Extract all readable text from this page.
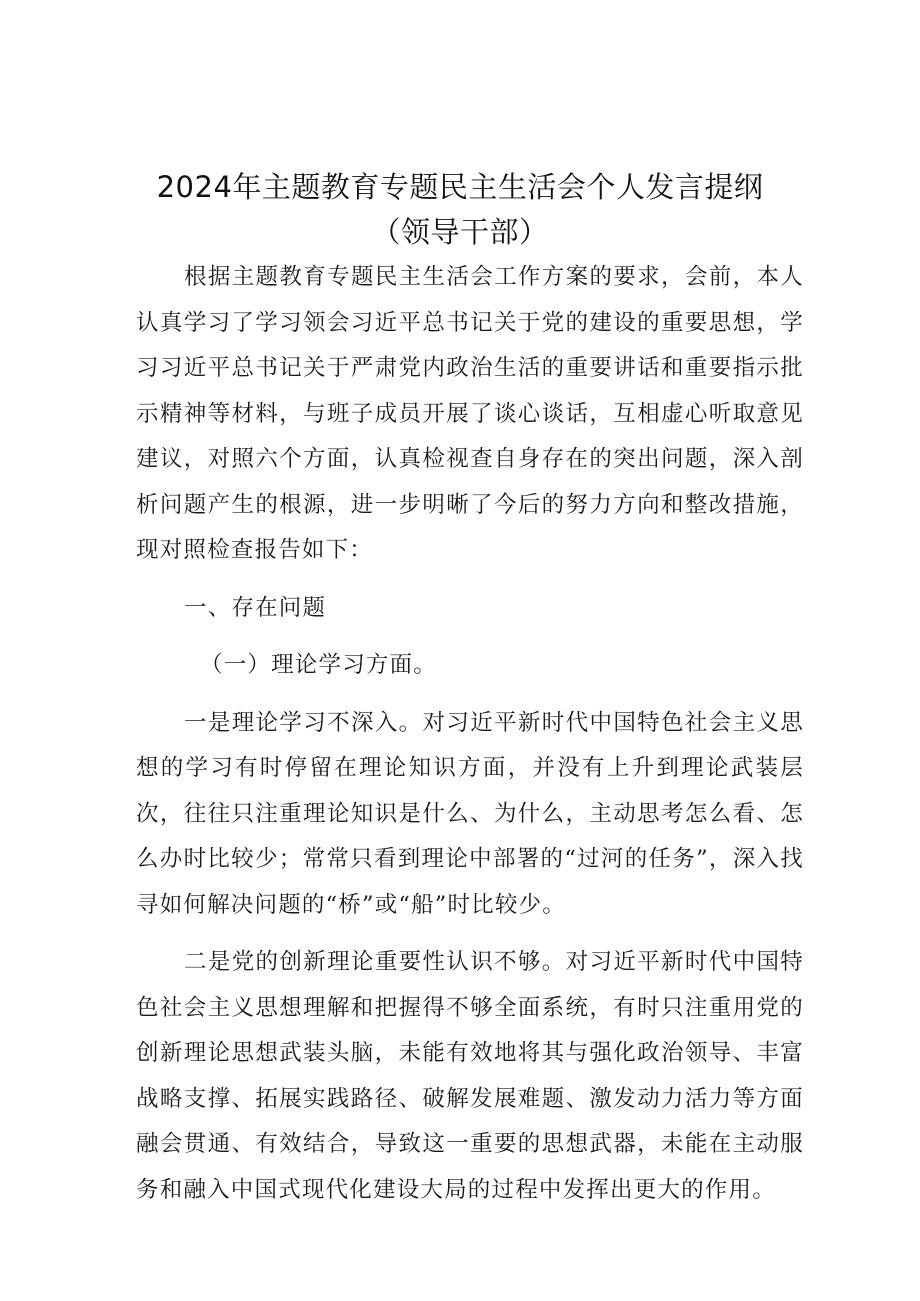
2024年主题教育专题民主生活会个人发言提纲
（领导干部）

根据主题教育专题民主生活会工作方案的要求，会前，本人认真学习了学习领会习近平总书记关于党的建设的重要思想，学习习近平总书记关于严肃党内政治生活的重要讲话和重要指示批示精神等材料，与班子成员开展了谈心谈话，互相虚心听取意见建议，对照六个方面，认真检视查自身存在的突出问题，深入剖析问题产生的根源，进一步明晰了今后的努力方向和整改措施，现对照检查报告如下：

一、存在问题

（一）理论学习方面。

一是理论学习不深入。对习近平新时代中国特色社会主义思想的学习有时停留在理论知识方面，并没有上升到理论武装层次，往往只注重理论知识是什么、为什么，主动思考怎么看、怎么办时比较少；常常只看到理论中部署的“过河的任务”，深入找寻如何解决问题的“桥”或“船”时比较少。

二是党的创新理论重要性认识不够。对习近平新时代中国特色社会主义思想理解和把握得不够全面系统，有时只注重用党的创新理论思想武装头脑，未能有效地将其与强化政治领导、丰富战略支撑、拓展实践路径、破解发展难题、激发动力活力等方面融会贯通、有效结合，导致这一重要的思想武器，未能在主动服务和融入中国式现代化建设大局的过程中发挥出更大的作用。
